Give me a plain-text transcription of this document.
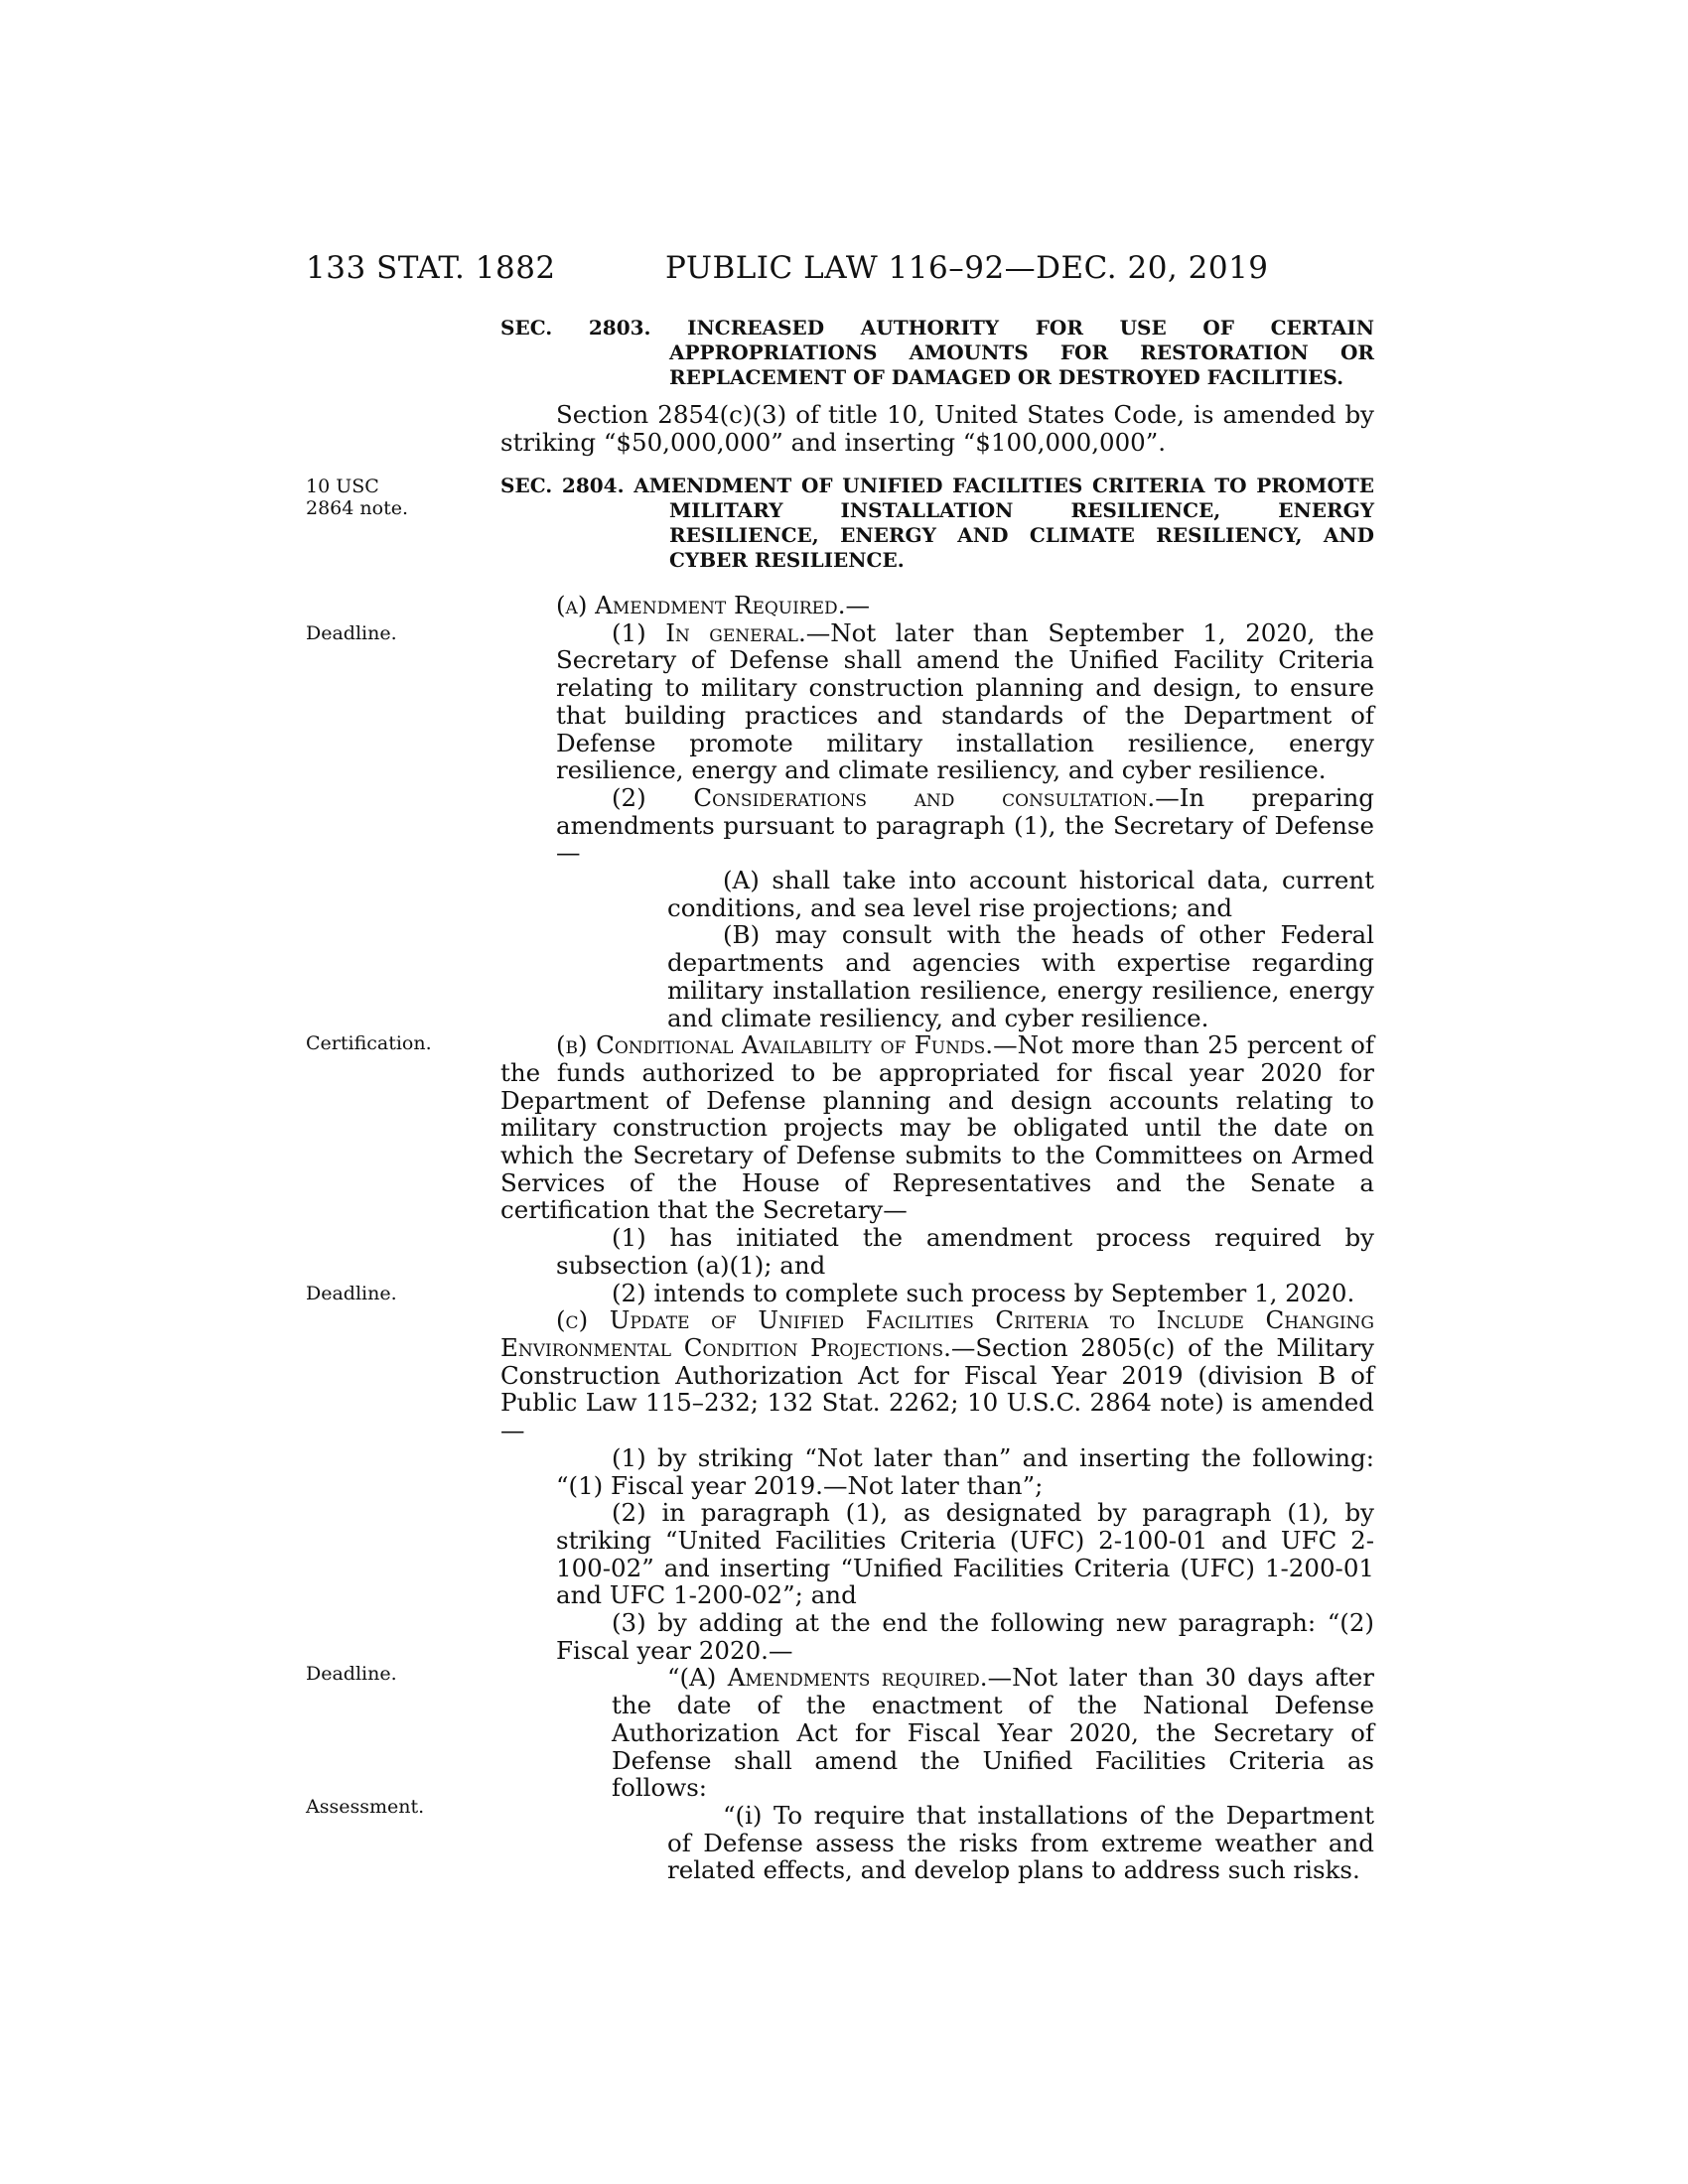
133 STAT. 1882	PUBLIC LAW 116–92—DEC. 20, 2019
SEC. 2803. INCREASED AUTHORITY FOR USE OF CERTAIN APPROPRIATIONS AMOUNTS FOR RESTORATION OR REPLACEMENT OF DAMAGED OR DESTROYED FACILITIES.

Section 2854(c)(3) of title 10, United States Code, is amended by striking “$50,000,000” and inserting “$100,000,000”.

10 USC 2864 note.
SEC. 2804. AMENDMENT OF UNIFIED FACILITIES CRITERIA TO PROMOTE MILITARY INSTALLATION RESILIENCE, ENERGY RESILIENCE, ENERGY AND CLIMATE RESILIENCY, AND CYBER RESILIENCE.
Deadline.
Certification.
Deadline.
Deadline.
Assessment.

(a) Amendment Required.—

(1) In general.—Not later than September 1, 2020, the Secretary of Defense shall amend the Unified Facility Criteria relating to military construction planning and design, to ensure that building practices and standards of the Department of Defense promote military installation resilience, energy resilience, energy and climate resiliency, and cyber resilience.

(2) Considerations and consultation.—In preparing amendments pursuant to paragraph (1), the Secretary of Defense—

(A) shall take into account historical data, current conditions, and sea level rise projections; and

(B) may consult with the heads of other Federal departments and agencies with expertise regarding military installation resilience, energy resilience, energy and climate resiliency, and cyber resilience.

(b) Conditional Availability of Funds.—Not more than 25 percent of the funds authorized to be appropriated for fiscal year 2020 for Department of Defense planning and design accounts relating to military construction projects may be obligated until the date on which the Secretary of Defense submits to the Committees on Armed Services of the House of Representatives and the Senate a certification that the Secretary—

(1) has initiated the amendment process required by subsection (a)(1); and

(2) intends to complete such process by September 1, 2020.

(c) Update of Unified Facilities Criteria to Include Changing Environmental Condition Projections.—Section 2805(c) of the Military Construction Authorization Act for Fiscal Year 2019 (division B of Public Law 115–232; 132 Stat. 2262; 10 U.S.C. 2864 note) is amended—

(1) by striking “Not later than” and inserting the following: “(1) Fiscal year 2019.—Not later than”;

(2) in paragraph (1), as designated by paragraph (1), by striking “United Facilities Criteria (UFC) 2-100-01 and UFC 2-100-02” and inserting “Unified Facilities Criteria (UFC) 1-200-01 and UFC 1-200-02”; and

(3) by adding at the end the following new paragraph: “(2) Fiscal year 2020.—

“(A) Amendments required.—Not later than 30 days after the date of the enactment of the National Defense Authorization Act for Fiscal Year 2020, the Secretary of Defense shall amend the Unified Facilities Criteria as follows:

“(i) To require that installations of the Department of Defense assess the risks from extreme weather and related effects, and develop plans to address such risks.
